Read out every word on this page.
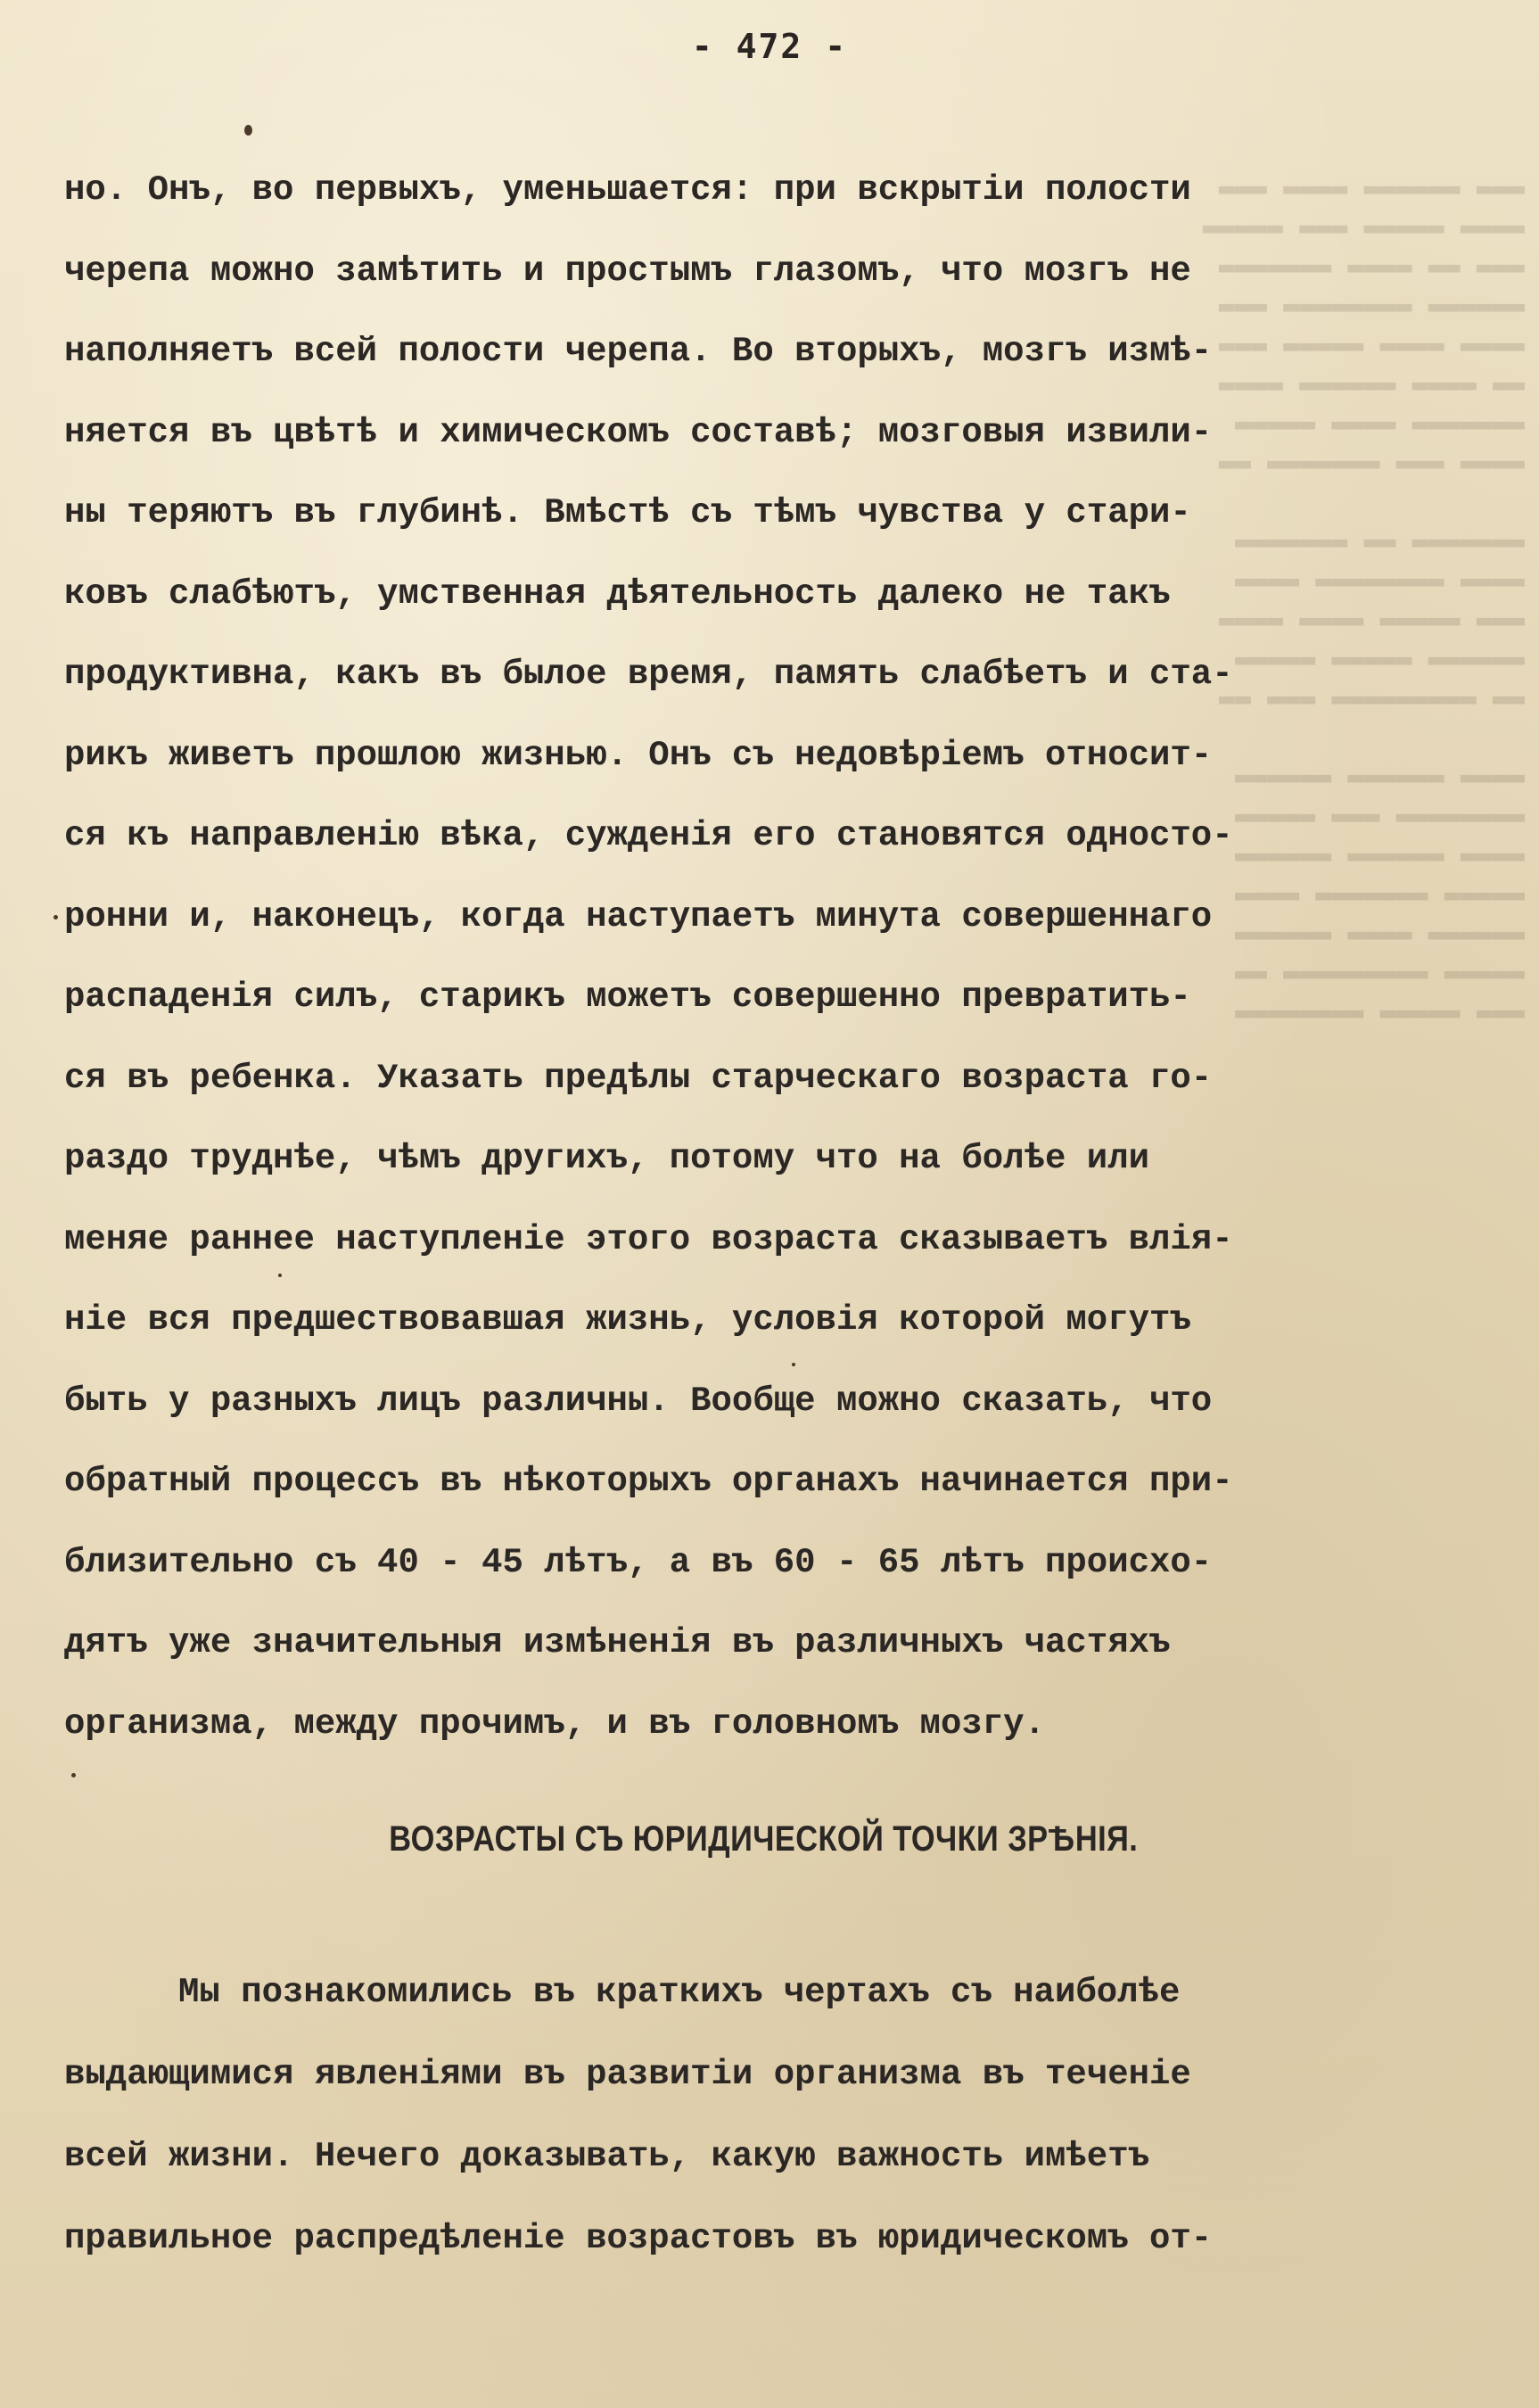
▬▬▬ ▬▬▬▬▬▬ ▬▬▬▬ ▬▬▬
▬▬▬▬ ▬▬▬▬▬ ▬▬▬ ▬▬▬▬▬
▬▬▬ ▬▬ ▬▬▬▬ ▬▬▬▬▬▬▬
▬▬▬▬▬▬ ▬▬▬▬▬▬▬▬ ▬▬▬
▬▬▬▬ ▬▬▬▬ ▬▬▬▬▬ ▬▬▬
▬▬ ▬▬▬▬ ▬▬▬▬▬▬ ▬▬▬▬
▬▬▬▬▬▬▬ ▬▬▬▬ ▬▬▬▬▬
▬▬▬▬ ▬▬▬ ▬▬▬▬▬▬▬ ▬▬

▬▬▬▬▬▬▬ ▬▬ ▬▬▬▬▬▬▬
▬▬▬▬ ▬▬▬▬▬▬▬▬ ▬▬▬▬
▬▬▬ ▬▬▬▬▬ ▬▬▬▬ ▬▬▬▬
▬▬▬▬▬▬ ▬▬▬▬▬ ▬▬▬▬▬
▬▬ ▬▬▬▬▬▬▬▬▬ ▬▬▬ ▬▬

▬▬▬▬ ▬▬▬▬▬▬ ▬▬▬▬▬▬
▬▬▬▬▬▬▬▬ ▬▬▬ ▬▬▬▬▬
▬▬▬▬ ▬▬▬▬▬▬ ▬▬▬▬▬▬
▬▬▬▬▬ ▬▬▬▬▬▬▬ ▬▬▬▬
▬▬▬▬▬▬ ▬▬▬▬ ▬▬▬▬▬▬
▬▬▬▬▬ ▬▬▬▬▬▬▬▬▬ ▬▬
▬▬▬ ▬▬▬▬▬ ▬▬▬▬▬▬▬▬
- 472 -
но. Онъ, во первыхъ, уменьшается: при вскрытiи полости
черепа можно замѣтить и простымъ глазомъ, что мозгъ не
наполняетъ всей полости черепа. Во вторыхъ, мозгъ измѣ-
няется въ цвѣтѣ и химическомъ составѣ; мозговыя извили-
ны теряютъ въ глубинѣ. Вмѣстѣ съ тѣмъ чувства у стари-
ковъ слабѣютъ, умственная дѣятельность далеко не такъ
продуктивна, какъ въ былое время, память слабѣетъ и ста-
рикъ живетъ прошлою жизнью. Онъ съ недовѣрiемъ относит-
ся къ направленiю вѣка, сужденiя его становятся односто-
ронни и, наконецъ, когда наступаетъ минута совершеннаго
распаденiя силъ, старикъ можетъ совершенно превратить-
ся въ ребенка. Указать предѣлы старческаго возраста го-
раздо труднѣе, чѣмъ другихъ, потому что на болѣе или
меняе раннее наступленiе этого возраста сказываетъ влiя-
нiе вся предшествовавшая жизнь, условiя которой могутъ
быть у разныхъ лицъ различны. Вообще можно сказать, что
обратный процессъ въ нѣкоторыхъ органахъ начинается при-
близительно съ 40 - 45 лѣтъ, а въ 60 - 65 лѣтъ происхо-
дятъ уже значительныя измѣненiя въ различныхъ частяхъ
организма, между прочимъ, и въ головномъ мозгу.
ВОЗРАСТЫ СЪ ЮРИДИЧЕСКОЙ ТОЧКИ ЗРѢНIЯ.
Мы познакомились въ краткихъ чертахъ съ наиболѣе
выдающимися явленiями въ развитiи организма въ теченiе
всей жизни. Нечего доказывать, какую важность имѣетъ
правильное распредѣленiе возрастовъ въ юридическомъ от-
